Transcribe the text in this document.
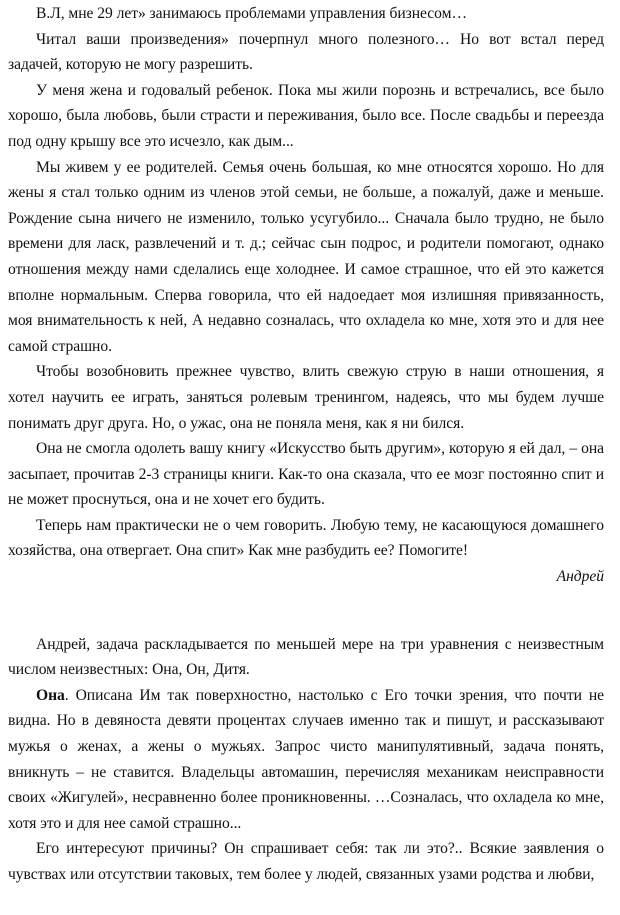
В.Л, мне 29 лет» занимаюсь проблемами управления бизнесом…

Читал ваши произведения» почерпнул много полезного… Но вот встал перед задачей, которую не могу разрешить.

У меня жена и годовалый ребенок. Пока мы жили порознь и встречались, все было хорошо, была любовь, были страсти и переживания, было все. После свадьбы и переезда под одну крышу все это исчезло, как дым...

Мы живем у ее родителей. Семья очень большая, ко мне относятся хорошо. Но для жены я стал только одним из членов этой семьи, не больше, а пожалуй, даже и меньше. Рождение сына ничего не изменило, только усугубило... Сначала было трудно, не было времени для ласк, развлечений и т. д.; сейчас сын подрос, и родители помогают, однако отношения между нами сделались еще холоднее. И самое страшное, что ей это кажется вполне нормальным. Сперва говорила, что ей надоедает моя излишняя привязанность, моя внимательность к ней, А недавно созналась, что охладела ко мне, хотя это и для нее самой страшно.

Чтобы возобновить прежнее чувство, влить свежую струю в наши отношения, я хотел научить ее играть, заняться ролевым тренингом, надеясь, что мы будем лучше понимать друг друга. Но, о ужас, она не поняла меня, как я ни бился.

Она не смогла одолеть вашу книгу «Искусство быть другим», которую я ей дал, – она засыпает, прочитав 2-3 страницы книги. Как-то она сказала, что ее мозг постоянно спит и не может проснуться, она и не хочет его будить.

Теперь нам практически не о чем говорить. Любую тему, не касающуюся домашнего хозяйства, она отвергает. Она спит» Как мне разбудить ее? Помогите!

Андрей

Андрей, задача раскладывается по меньшей мере на три уравнения с неизвестным числом неизвестных: Она, Он, Дитя.

Она. Описана Им так поверхностно, настолько с Его точки зрения, что почти не видна. Но в девяноста девяти процентах случаев именно так и пишут, и рассказывают мужья о женах, а жены о мужьях. Запрос чисто манипулятивный, задача понять, вникнуть – не ставится. Владельцы автомашин, перечисляя механикам неисправности своих «Жигулей», несравненно более проникновенны. …Созналась, что охладела ко мне, хотя это и для нее самой страшно...

Его интересуют причины? Он спрашивает себя: так ли это?.. Всякие заявления о чувствах или отсутствии таковых, тем более у людей, связанных узами родства и любви,
